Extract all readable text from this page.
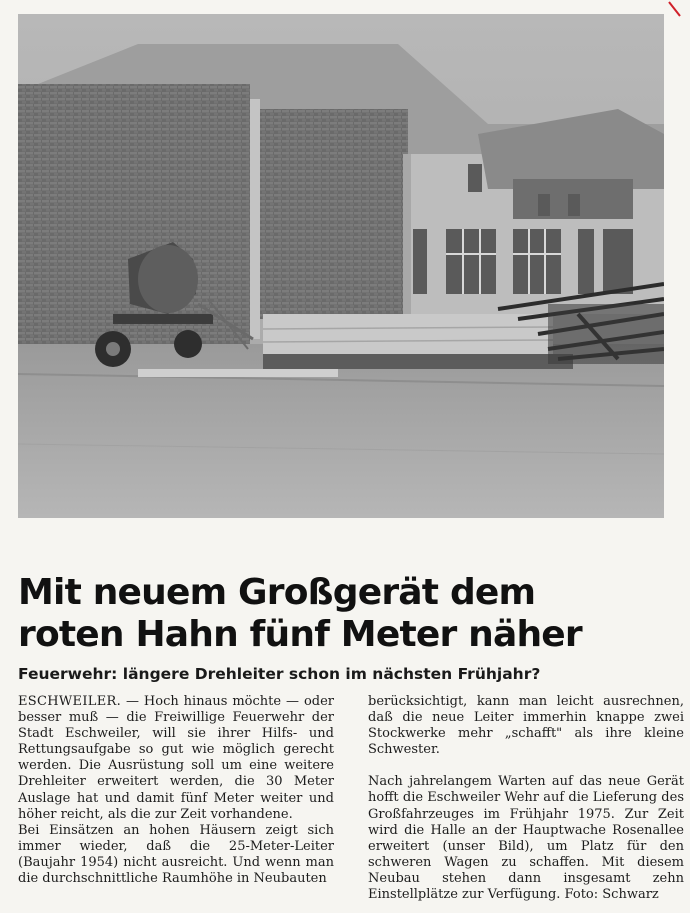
Mit neuem Großgerät dem
roten Hahn fünf Meter näher
Feuerwehr: längere Drehleiter schon im nächsten Frühjahr?

ESCHWEILER. — Hoch hinaus möchte — oder besser muß — die Freiwillige Feuerwehr der Stadt Eschweiler, will sie ihrer Hilfs- und Rettungsaufgabe so gut wie möglich gerecht werden. Die Ausrüstung soll um eine weitere Drehleiter erweitert werden, die 30 Meter Auslage hat und damit fünf Meter weiter und höher reicht, als die zur Zeit vorhandene.

Bei Einsätzen an hohen Häusern zeigt sich immer wieder, daß die 25-Meter-Leiter (Baujahr 1954) nicht ausreicht. Und wenn man die durchschnittliche Raumhöhe in Neubauten

berücksichtigt, kann man leicht ausrechnen, daß die neue Leiter immerhin knappe zwei Stockwerke mehr „schafft" als ihre kleine Schwester.

Nach jahrelangem Warten auf das neue Gerät hofft die Eschweiler Wehr auf die Lieferung des Großfahrzeuges im Frühjahr 1975. Zur Zeit wird die Halle an der Hauptwache Rosenallee erweitert (unser Bild), um Platz für den schweren Wagen zu schaffen. Mit diesem Neubau stehen dann insgesamt zehn Einstellplätze zur Verfügung. Foto: Schwarz
